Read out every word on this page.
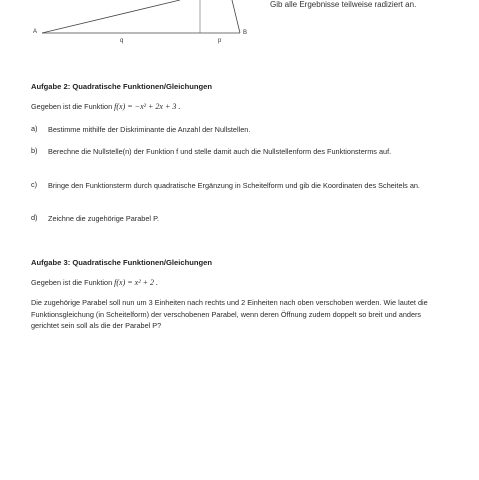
A	B
q	p
Gib alle Ergebnisse teilweise radiziert an.
Aufgabe 2: Quadratische Funktionen/Gleichungen
Gegeben ist die Funktion f(x) = −x² + 2x + 3 .
a) Bestimme mithilfe der Diskriminante die Anzahl der Nullstellen.
b) Berechne die Nullstelle(n) der Funktion f und stelle damit auch die Nullstellenform des Funktionsterms auf.
c) Bringe den Funktionsterm durch quadratische Ergänzung in Scheitelform und gib die Koordinaten des Scheitels an.
d) Zeichne die zugehörige Parabel P.
Aufgabe 3: Quadratische Funktionen/Gleichungen
Gegeben ist die Funktion f(x) = x² + 2 .
Die zugehörige Parabel soll nun um 3 Einheiten nach rechts und 2 Einheiten nach oben verschoben werden. Wie lautet die Funktionsgleichung (in Scheitelform) der verschobenen Parabel, wenn deren Öffnung zudem doppelt so breit und anders gerichtet sein soll als die der Parabel P?
